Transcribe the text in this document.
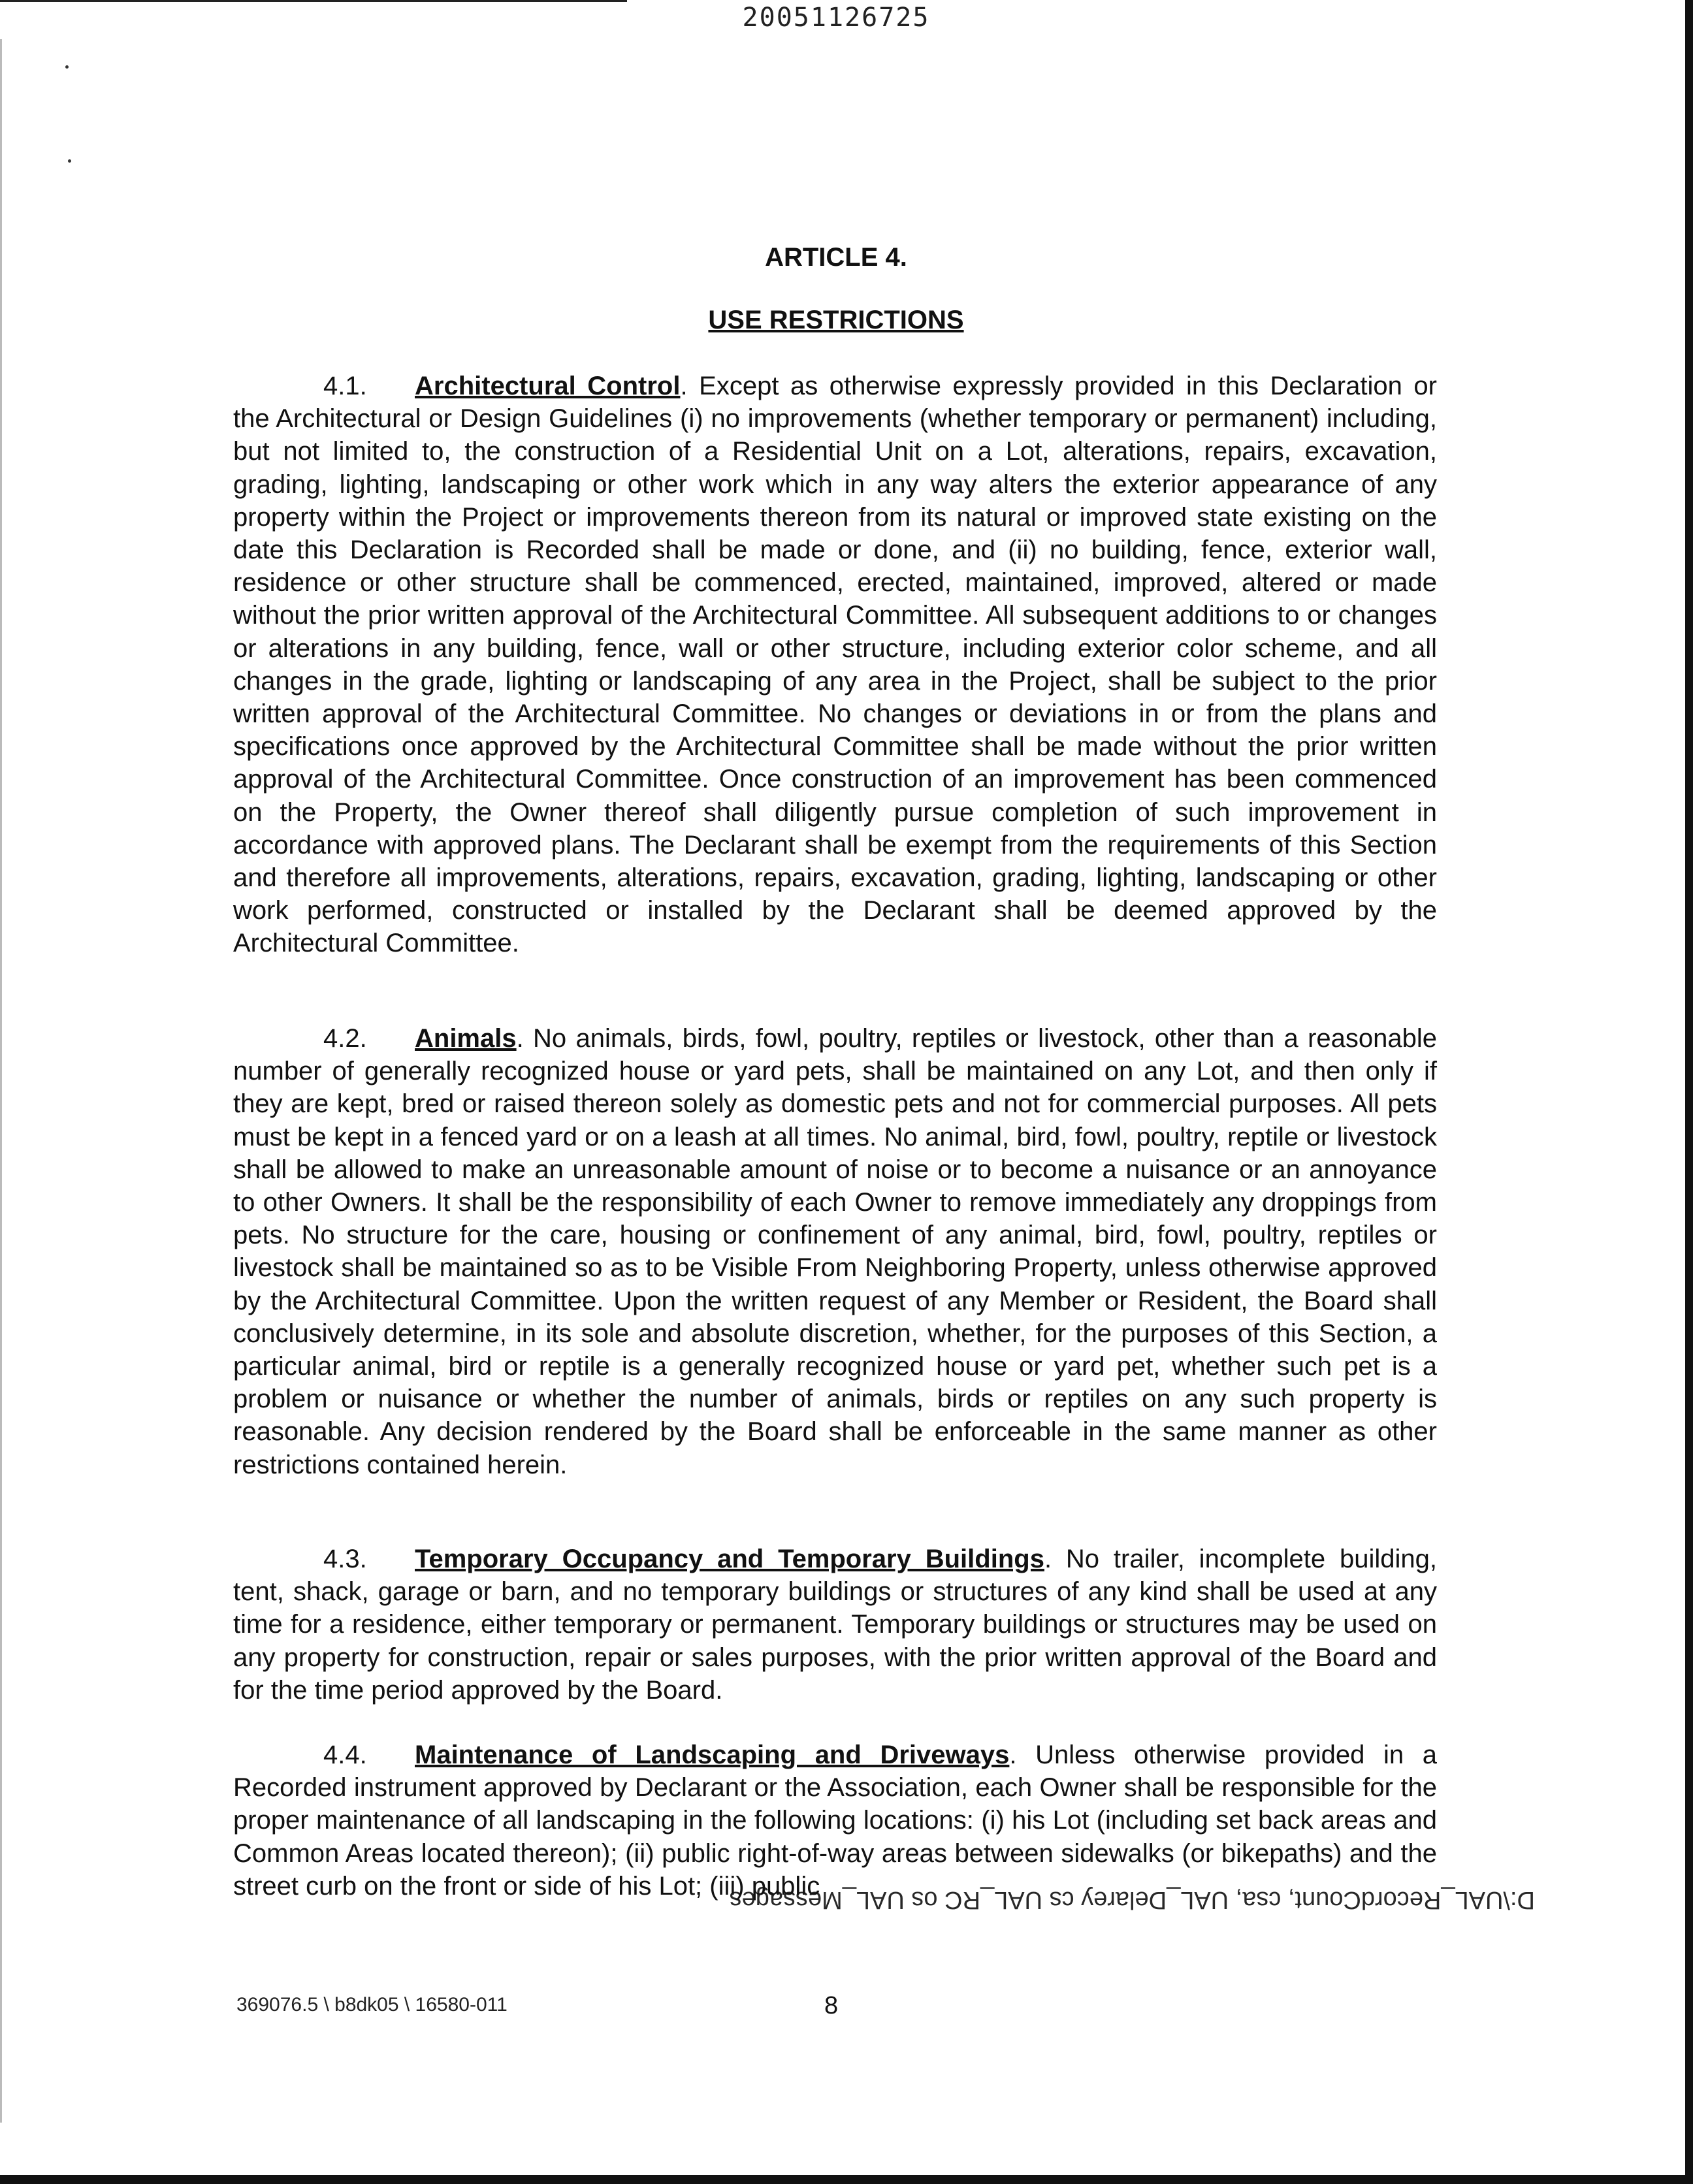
20051126725
ARTICLE 4.
USE RESTRICTIONS

4.1. Architectural Control. Except as otherwise expressly provided in this Declaration or the Architectural or Design Guidelines (i) no improvements (whether temporary or permanent) including, but not limited to, the construction of a Residential Unit on a Lot, alterations, repairs, excavation, grading, lighting, landscaping or other work which in any way alters the exterior appearance of any property within the Project or improvements thereon from its natural or improved state existing on the date this Declaration is Recorded shall be made or done, and (ii) no building, fence, exterior wall, residence or other structure shall be commenced, erected, maintained, improved, altered or made without the prior written approval of the Architectural Committee. All subsequent additions to or changes or alterations in any building, fence, wall or other structure, including exterior color scheme, and all changes in the grade, lighting or landscaping of any area in the Project, shall be subject to the prior written approval of the Architectural Committee. No changes or deviations in or from the plans and specifications once approved by the Architectural Committee shall be made without the prior written approval of the Architectural Committee. Once construction of an improvement has been commenced on the Property, the Owner thereof shall diligently pursue completion of such improvement in accordance with approved plans. The Declarant shall be exempt from the requirements of this Section and therefore all improvements, alterations, repairs, excavation, grading, lighting, landscaping or other work performed, constructed or installed by the Declarant shall be deemed approved by the Architectural Committee.

4.2. Animals. No animals, birds, fowl, poultry, reptiles or livestock, other than a reasonable number of generally recognized house or yard pets, shall be maintained on any Lot, and then only if they are kept, bred or raised thereon solely as domestic pets and not for commercial purposes. All pets must be kept in a fenced yard or on a leash at all times. No animal, bird, fowl, poultry, reptile or livestock shall be allowed to make an unreasonable amount of noise or to become a nuisance or an annoyance to other Owners. It shall be the responsibility of each Owner to remove immediately any droppings from pets. No structure for the care, housing or confinement of any animal, bird, fowl, poultry, reptiles or livestock shall be maintained so as to be Visible From Neighboring Property, unless otherwise approved by the Architectural Committee. Upon the written request of any Member or Resident, the Board shall conclusively determine, in its sole and absolute discretion, whether, for the purposes of this Section, a particular animal, bird or reptile is a generally recognized house or yard pet, whether such pet is a problem or nuisance or whether the number of animals, birds or reptiles on any such property is reasonable. Any decision rendered by the Board shall be enforceable in the same manner as other restrictions contained herein.

4.3. Temporary Occupancy and Temporary Buildings. No trailer, incomplete building, tent, shack, garage or barn, and no temporary buildings or structures of any kind shall be used at any time for a residence, either temporary or permanent. Temporary buildings or structures may be used on any property for construction, repair or sales purposes, with the prior written approval of the Board and for the time period approved by the Board.

4.4. Maintenance of Landscaping and Driveways. Unless otherwise provided in a Recorded instrument approved by Declarant or the Association, each Owner shall be responsible for the proper maintenance of all landscaping in the following locations: (i) his Lot (including set back areas and Common Areas located thereon); (ii) public right-of-way areas between sidewalks (or bikepaths) and the street curb on the front or side of his Lot; (iii) public

D:\UAL_RecordCount, csa, UAL_Delarey cs UAL_RC os UAL_Messages
369076.5 \ b8dk05 \ 16580-011	8
